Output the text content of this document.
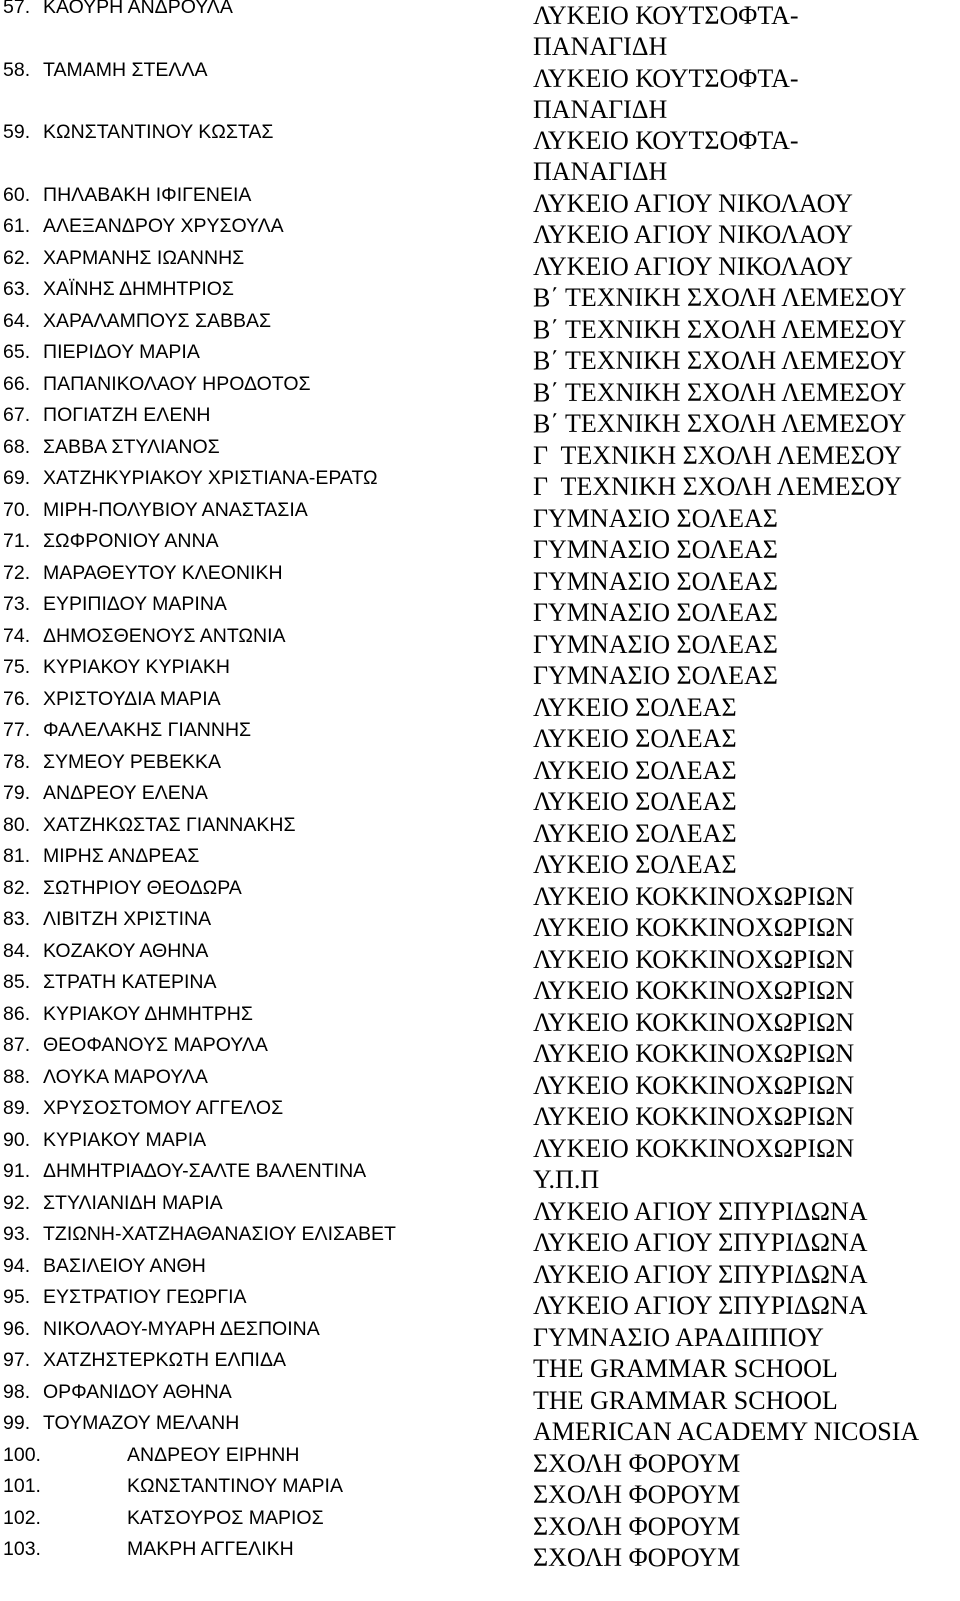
57. ΚΑΟΥΡΗ ΑΝΔΡΟΥΛΑ	ΛΥΚΕΙΟ ΚΟΥΤΣΟΦΤΑ- ΠΑΝΑΓΙΔΗ
58. ΤΑΜΑΜΗ ΣΤΕΛΛΑ	ΛΥΚΕΙΟ ΚΟΥΤΣΟΦΤΑ- ΠΑΝΑΓΙΔΗ
59. ΚΩΝΣΤΑΝΤΙΝΟΥ ΚΩΣΤΑΣ	ΛΥΚΕΙΟ ΚΟΥΤΣΟΦΤΑ- ΠΑΝΑΓΙΔΗ
60. ΠΗΛΑΒΑΚΗ ΙΦΙΓΕΝΕΙΑ	ΛΥΚΕΙΟ ΑΓΙΟΥ ΝΙΚΟΛΑΟΥ
61. ΑΛΕΞΑΝΔΡΟΥ ΧΡΥΣΟΥΛΑ	ΛΥΚΕΙΟ ΑΓΙΟΥ ΝΙΚΟΛΑΟΥ
62. ΧΑΡΜΑΝΗΣ ΙΩΑΝΝΗΣ	ΛΥΚΕΙΟ ΑΓΙΟΥ ΝΙΚΟΛΑΟΥ
63. ΧΑΪΝΗΣ ΔΗΜΗΤΡΙΟΣ	Β΄ ΤΕΧΝΙΚΗ ΣΧΟΛΗ ΛΕΜΕΣΟΥ
64. ΧΑΡΑΛΑΜΠΟΥΣ ΣΑΒΒΑΣ	Β΄ ΤΕΧΝΙΚΗ ΣΧΟΛΗ ΛΕΜΕΣΟΥ
65. ΠΙΕΡΙΔΟΥ ΜΑΡΙΑ	Β΄ ΤΕΧΝΙΚΗ ΣΧΟΛΗ ΛΕΜΕΣΟΥ
66. ΠΑΠΑΝΙΚΟΛΑΟΥ ΗΡΟΔΟΤΟΣ	Β΄ ΤΕΧΝΙΚΗ ΣΧΟΛΗ ΛΕΜΕΣΟΥ
67. ΠΟΓΙΑΤΖΗ ΕΛΕΝΗ	Β΄ ΤΕΧΝΙΚΗ ΣΧΟΛΗ ΛΕΜΕΣΟΥ
68. ΣΑΒΒΑ ΣΤΥΛΙΑΝΟΣ	Γ  ΤΕΧΝΙΚΗ ΣΧΟΛΗ ΛΕΜΕΣΟΥ
69. ΧΑΤΖΗΚΥΡΙΑΚΟΥ ΧΡΙΣΤΙΑΝΑ-ΕΡΑΤΩ	Γ  ΤΕΧΝΙΚΗ ΣΧΟΛΗ ΛΕΜΕΣΟΥ
70. ΜΙΡΗ-ΠΟΛΥΒΙΟΥ ΑΝΑΣΤΑΣΙΑ	ΓΥΜΝΑΣΙΟ ΣΟΛΕΑΣ
71. ΣΩΦΡΟΝΙΟΥ ΑΝΝΑ	ΓΥΜΝΑΣΙΟ ΣΟΛΕΑΣ
72. ΜΑΡΑΘΕΥΤΟΥ ΚΛΕΟΝΙΚΗ	ΓΥΜΝΑΣΙΟ ΣΟΛΕΑΣ
73. ΕΥΡΙΠΙΔΟΥ ΜΑΡΙΝΑ	ΓΥΜΝΑΣΙΟ ΣΟΛΕΑΣ
74. ΔΗΜΟΣΘΕΝΟΥΣ ΑΝΤΩΝΙΑ	ΓΥΜΝΑΣΙΟ ΣΟΛΕΑΣ
75. ΚΥΡΙΑΚΟΥ ΚΥΡΙΑΚΗ	ΓΥΜΝΑΣΙΟ ΣΟΛΕΑΣ
76. ΧΡΙΣΤΟΥΔΙΑ ΜΑΡΙΑ	ΛΥΚΕΙΟ ΣΟΛΕΑΣ
77. ΦΑΛΕΛΑΚΗΣ ΓΙΑΝΝΗΣ	ΛΥΚΕΙΟ ΣΟΛΕΑΣ
78. ΣΥΜΕΟΥ ΡΕΒΕΚΚΑ	ΛΥΚΕΙΟ ΣΟΛΕΑΣ
79. ΑΝΔΡΕΟΥ ΕΛΕΝΑ	ΛΥΚΕΙΟ ΣΟΛΕΑΣ
80. ΧΑΤΖΗΚΩΣΤΑΣ ΓΙΑΝΝΑΚΗΣ	ΛΥΚΕΙΟ ΣΟΛΕΑΣ
81. ΜΙΡΗΣ ΑΝΔΡΕΑΣ	ΛΥΚΕΙΟ ΣΟΛΕΑΣ
82. ΣΩΤΗΡΙΟΥ ΘΕΟΔΩΡΑ	ΛΥΚΕΙΟ ΚΟΚΚΙΝΟΧΩΡΙΩΝ
83. ΛΙΒΙΤΖΗ ΧΡΙΣΤΙΝΑ	ΛΥΚΕΙΟ ΚΟΚΚΙΝΟΧΩΡΙΩΝ
84. ΚΟΖΑΚΟΥ ΑΘΗΝΑ	ΛΥΚΕΙΟ ΚΟΚΚΙΝΟΧΩΡΙΩΝ
85. ΣΤΡΑΤΗ ΚΑΤΕΡΙΝΑ	ΛΥΚΕΙΟ ΚΟΚΚΙΝΟΧΩΡΙΩΝ
86. ΚΥΡΙΑΚΟΥ ΔΗΜΗΤΡΗΣ	ΛΥΚΕΙΟ ΚΟΚΚΙΝΟΧΩΡΙΩΝ
87. ΘΕΟΦΑΝΟΥΣ ΜΑΡΟΥΛΑ	ΛΥΚΕΙΟ ΚΟΚΚΙΝΟΧΩΡΙΩΝ
88. ΛΟΥΚΑ ΜΑΡΟΥΛΑ	ΛΥΚΕΙΟ ΚΟΚΚΙΝΟΧΩΡΙΩΝ
89. ΧΡΥΣΟΣΤΟΜΟΥ ΑΓΓΕΛΟΣ	ΛΥΚΕΙΟ ΚΟΚΚΙΝΟΧΩΡΙΩΝ
90. ΚΥΡΙΑΚΟΥ ΜΑΡΙΑ	ΛΥΚΕΙΟ ΚΟΚΚΙΝΟΧΩΡΙΩΝ
91. ΔΗΜΗΤΡΙΑΔΟΥ-ΣΑΛΤΕ ΒΑΛΕΝΤΙΝΑ	Υ.Π.Π
92. ΣΤΥΛΙΑΝΙΔΗ ΜΑΡΙΑ	ΛΥΚΕΙΟ ΑΓΙΟΥ ΣΠΥΡΙΔΩΝΑ
93. ΤΖΙΩΝΗ-ΧΑΤΖΗΑΘΑΝΑΣΙΟΥ ΕΛΙΣΑΒΕΤ	ΛΥΚΕΙΟ ΑΓΙΟΥ ΣΠΥΡΙΔΩΝΑ
94. ΒΑΣΙΛΕΙΟΥ ΑΝΘΗ	ΛΥΚΕΙΟ ΑΓΙΟΥ ΣΠΥΡΙΔΩΝΑ
95. ΕΥΣΤΡΑΤΙΟΥ ΓΕΩΡΓΙΑ	ΛΥΚΕΙΟ ΑΓΙΟΥ ΣΠΥΡΙΔΩΝΑ
96. ΝΙΚΟΛΑΟΥ-ΜΥΑΡΗ ΔΕΣΠΟΙΝΑ	ΓΥΜΝΑΣΙΟ ΑΡΑΔΙΠΠΟΥ
97. ΧΑΤΖΗΣΤΕΡΚΩΤΗ ΕΛΠΙΔΑ	THE GRAMMAR SCHOOL
98. ΟΡΦΑΝΙΔΟΥ ΑΘΗΝΑ	THE GRAMMAR SCHOOL
99. ΤΟΥΜΑΖΟΥ ΜΕΛΑΝΗ	AMERICAN ACADEMY NICOSIA
100.	ΑΝΔΡΕΟΥ ΕΙΡΗΝΗ	ΣΧΟΛΗ ΦΟΡΟΥΜ
101.	ΚΩΝΣΤΑΝΤΙΝΟΥ ΜΑΡΙΑ	ΣΧΟΛΗ ΦΟΡΟΥΜ
102.	ΚΑΤΣΟΥΡΟΣ ΜΑΡΙΟΣ	ΣΧΟΛΗ ΦΟΡΟΥΜ
103.	ΜΑΚΡΗ ΑΓΓΕΛΙΚΗ	ΣΧΟΛΗ ΦΟΡΟΥΜ
